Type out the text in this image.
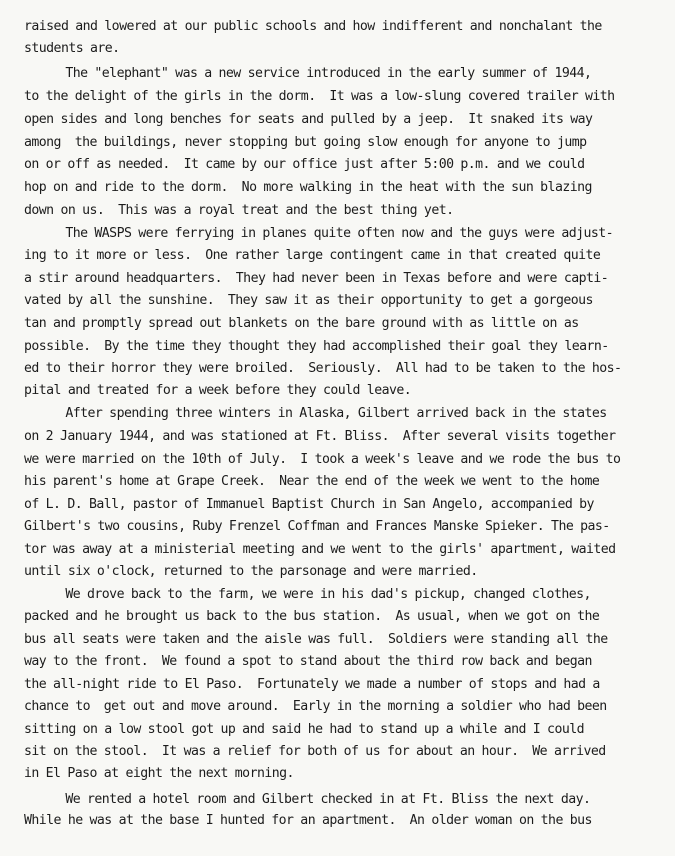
raised and lowered at our public schools and how indifferent and nonchalant the
students are.
The "elephant" was a new service introduced in the early summer of 1944,
to the delight of the girls in the dorm.  It was a low-slung covered trailer with
open sides and long benches for seats and pulled by a jeep.  It snaked its way
among  the buildings, never stopping but going slow enough for anyone to jump
on or off as needed.  It came by our office just after 5:00 p.m. and we could
hop on and ride to the dorm.  No more walking in the heat with the sun blazing
down on us.  This was a royal treat and the best thing yet.
The WASPS were ferrying in planes quite often now and the guys were adjust-
ing to it more or less.  One rather large contingent came in that created quite
a stir around headquarters.  They had never been in Texas before and were capti-
vated by all the sunshine.  They saw it as their opportunity to get a gorgeous
tan and promptly spread out blankets on the bare ground with as little on as
possible.  By the time they thought they had accomplished their goal they learn-
ed to their horror they were broiled.  Seriously.  All had to be taken to the hos-
pital and treated for a week before they could leave.
After spending three winters in Alaska, Gilbert arrived back in the states
on 2 January 1944, and was stationed at Ft. Bliss.  After several visits together
we were married on the 10th of July.  I took a week's leave and we rode the bus to
his parent's home at Grape Creek.  Near the end of the week we went to the home
of L. D. Ball, pastor of Immanuel Baptist Church in San Angelo, accompanied by
Gilbert's two cousins, Ruby Frenzel Coffman and Frances Manske Spieker. The pas-
tor was away at a ministerial meeting and we went to the girls' apartment, waited
until six o'clock, returned to the parsonage and were married.
We drove back to the farm, we were in his dad's pickup, changed clothes,
packed and he brought us back to the bus station.  As usual, when we got on the
bus all seats were taken and the aisle was full.  Soldiers were standing all the
way to the front.  We found a spot to stand about the third row back and began
the all-night ride to El Paso.  Fortunately we made a number of stops and had a
chance to  get out and move around.  Early in the morning a soldier who had been
sitting on a low stool got up and said he had to stand up a while and I could
sit on the stool.  It was a relief for both of us for about an hour.  We arrived
in El Paso at eight the next morning.
We rented a hotel room and Gilbert checked in at Ft. Bliss the next day.
While he was at the base I hunted for an apartment.  An older woman on the bus
